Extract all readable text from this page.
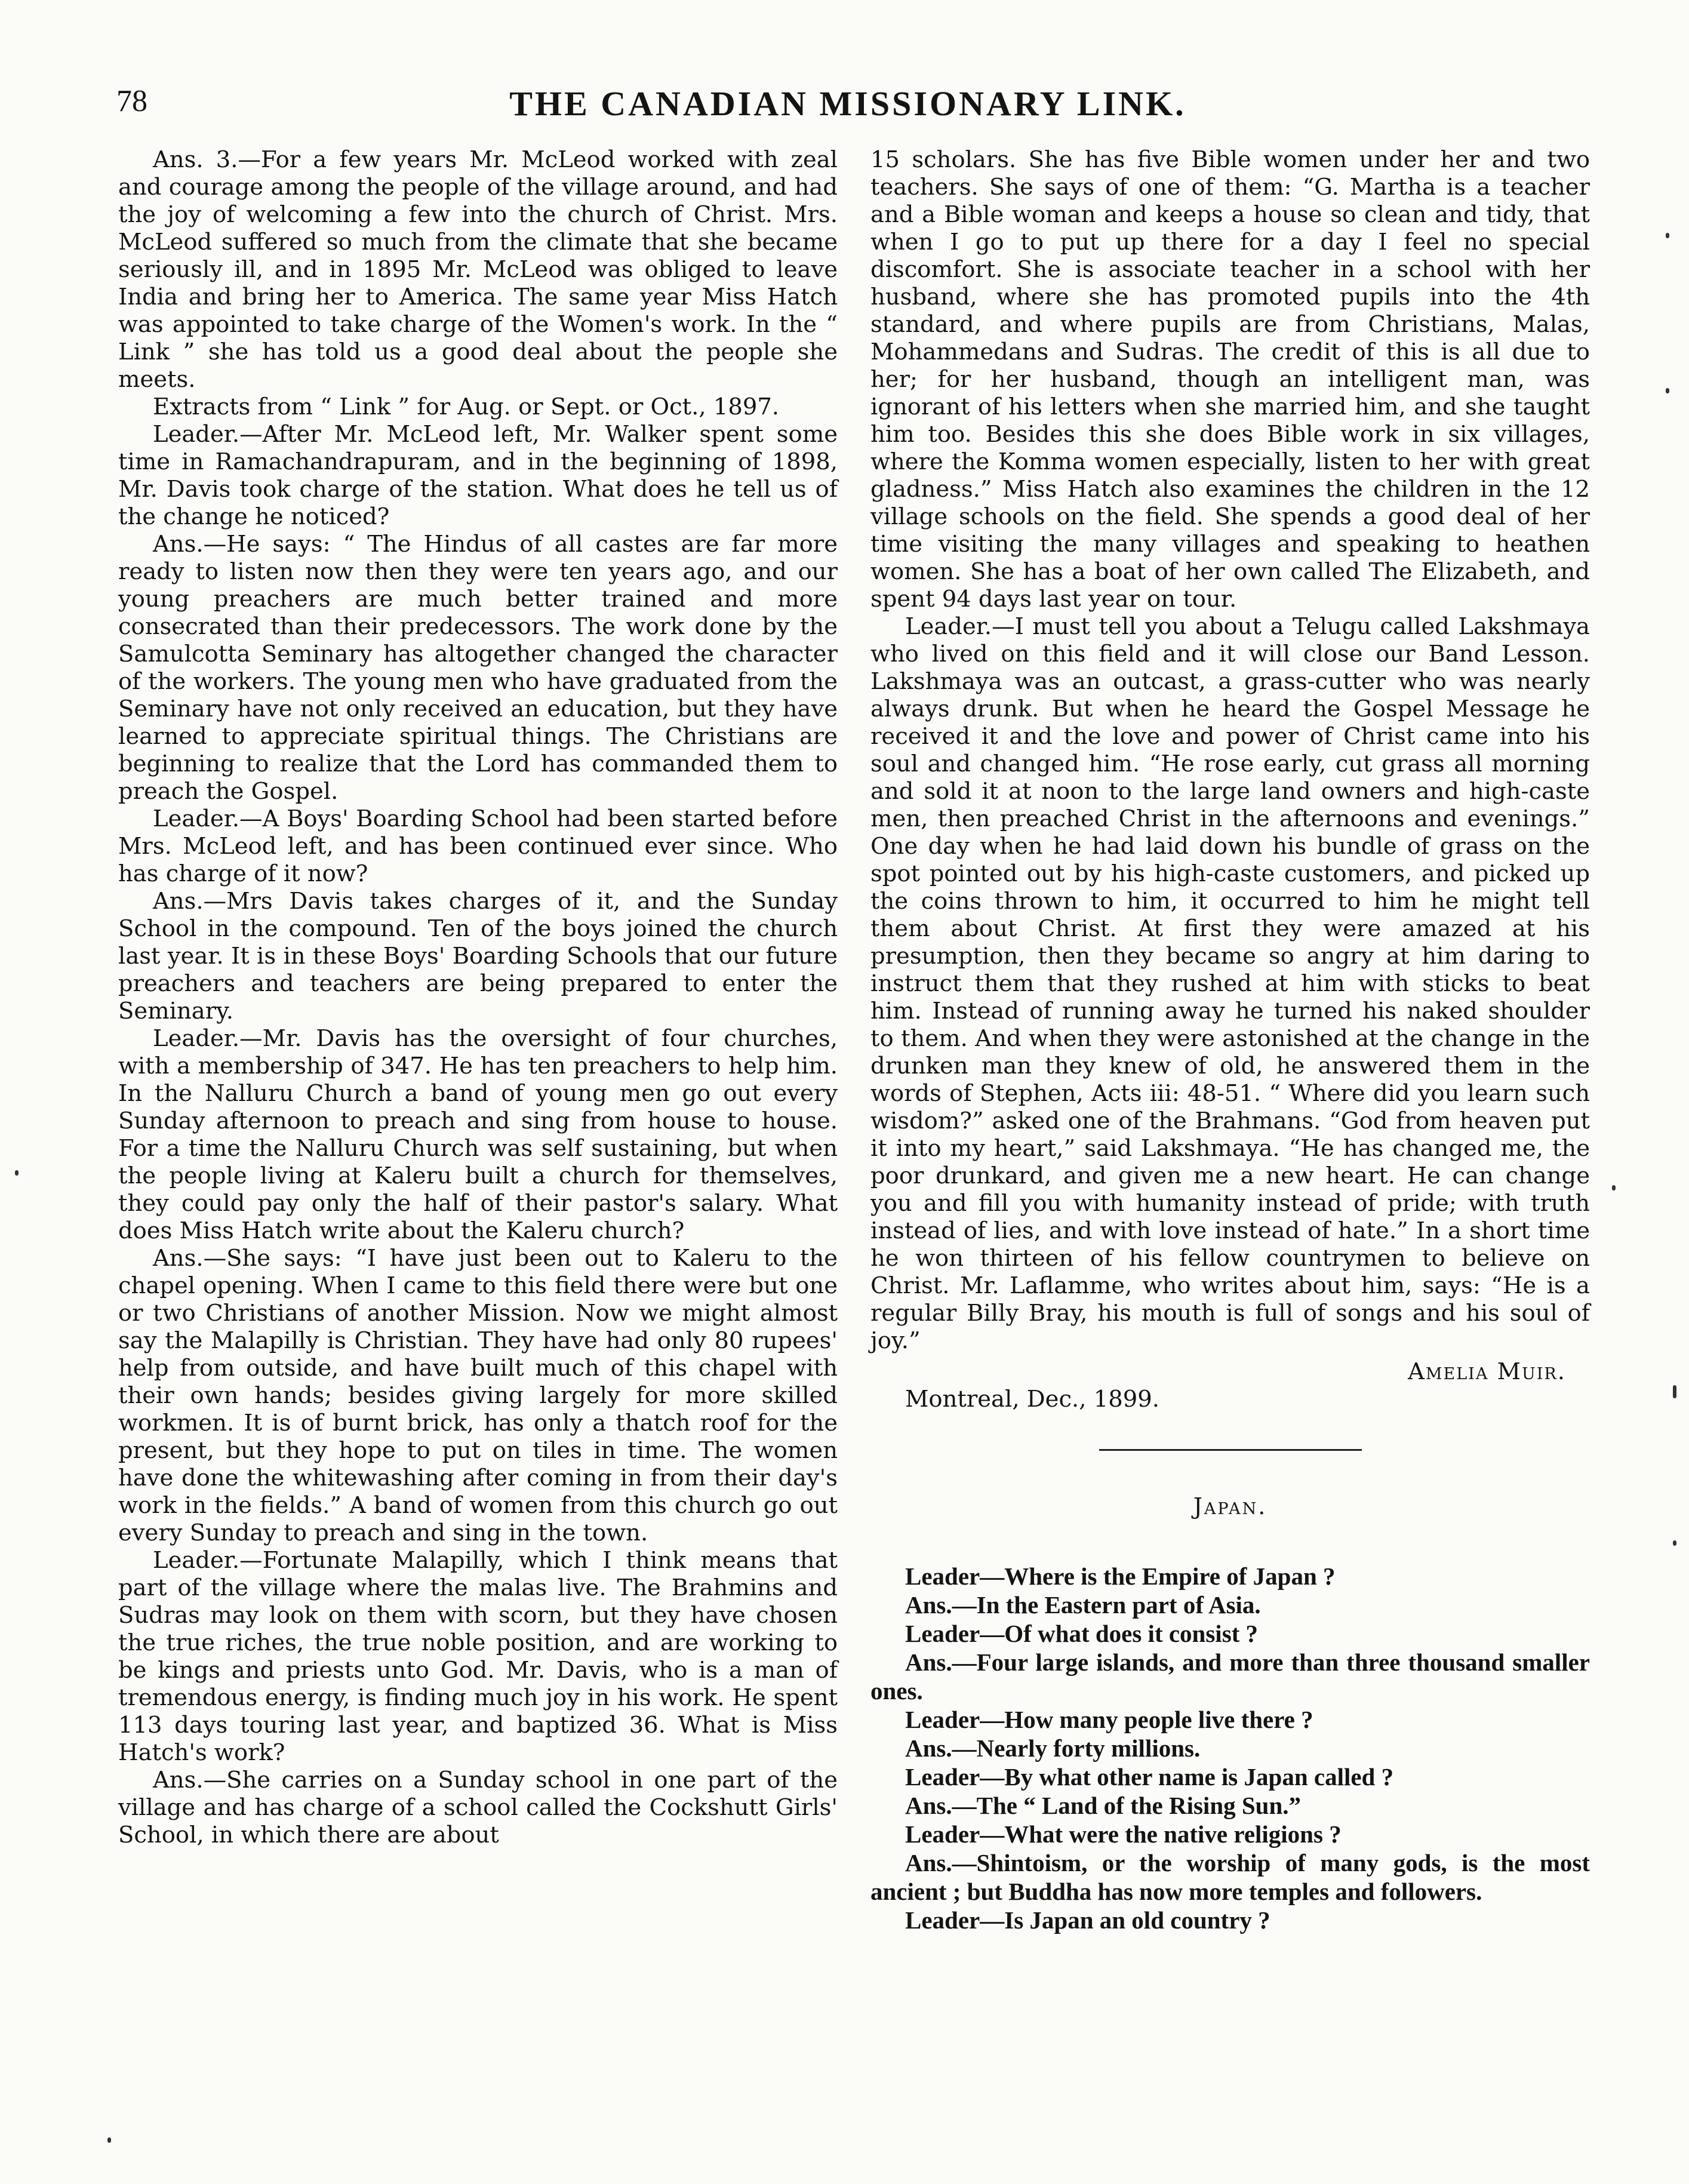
78	THE CANADIAN MISSIONARY LINK.

Ans. 3.—For a few years Mr. McLeod worked with zeal and courage among the people of the village around, and had the joy of welcoming a few into the church of Christ. Mrs. McLeod suffered so much from the climate that she became seriously ill, and in 1895 Mr. McLeod was obliged to leave India and bring her to America. The same year Miss Hatch was appointed to take charge of the Women's work. In the “ Link ” she has told us a good deal about the people she meets.

Extracts from “ Link ” for Aug. or Sept. or Oct., 1897.

Leader.—After Mr. McLeod left, Mr. Walker spent some time in Ramachandrapuram, and in the beginning of 1898, Mr. Davis took charge of the station. What does he tell us of the change he noticed?

Ans.—He says: “ The Hindus of all castes are far more ready to listen now then they were ten years ago, and our young preachers are much better trained and more consecrated than their predecessors. The work done by the Samulcotta Seminary has altogether changed the character of the workers. The young men who have graduated from the Seminary have not only received an education, but they have learned to appreciate spiritual things. The Christians are beginning to realize that the Lord has commanded them to preach the Gospel.

Leader.—A Boys' Boarding School had been started before Mrs. McLeod left, and has been continued ever since. Who has charge of it now?

Ans.—Mrs Davis takes charges of it, and the Sunday School in the compound. Ten of the boys joined the church last year. It is in these Boys' Boarding Schools that our future preachers and teachers are being prepared to enter the Seminary.

Leader.—Mr. Davis has the oversight of four churches, with a membership of 347. He has ten preachers to help him. In the Nalluru Church a band of young men go out every Sunday afternoon to preach and sing from house to house. For a time the Nalluru Church was self sustaining, but when the people living at Kaleru built a church for themselves, they could pay only the half of their pastor's salary. What does Miss Hatch write about the Kaleru church?

Ans.—She says: “I have just been out to Kaleru to the chapel opening. When I came to this field there were but one or two Christians of another Mission. Now we might almost say the Malapilly is Christian. They have had only 80 rupees' help from outside, and have built much of this chapel with their own hands; besides giving largely for more skilled workmen. It is of burnt brick, has only a thatch roof for the present, but they hope to put on tiles in time. The women have done the whitewashing after coming in from their day's work in the fields.” A band of women from this church go out every Sunday to preach and sing in the town.

Leader.—Fortunate Malapilly, which I think means that part of the village where the malas live. The Brahmins and Sudras may look on them with scorn, but they have chosen the true riches, the true noble position, and are working to be kings and priests unto God. Mr. Davis, who is a man of tremendous energy, is finding much joy in his work. He spent 113 days touring last year, and baptized 36. What is Miss Hatch's work?

Ans.—She carries on a Sunday school in one part of the village and has charge of a school called the Cockshutt Girls' School, in which there are about

15 scholars. She has five Bible women under her and two teachers. She says of one of them: “G. Martha is a teacher and a Bible woman and keeps a house so clean and tidy, that when I go to put up there for a day I feel no special discomfort. She is associate teacher in a school with her husband, where she has promoted pupils into the 4th standard, and where pupils are from Christians, Malas, Mohammedans and Sudras. The credit of this is all due to her; for her husband, though an intelligent man, was ignorant of his letters when she married him, and she taught him too. Besides this she does Bible work in six villages, where the Komma women especially, listen to her with great gladness.” Miss Hatch also examines the children in the 12 village schools on the field. She spends a good deal of her time visiting the many villages and speaking to heathen women. She has a boat of her own called The Elizabeth, and spent 94 days last year on tour.

Leader.—I must tell you about a Telugu called Lakshmaya who lived on this field and it will close our Band Lesson. Lakshmaya was an outcast, a grass-cutter who was nearly always drunk. But when he heard the Gospel Message he received it and the love and power of Christ came into his soul and changed him. “He rose early, cut grass all morning and sold it at noon to the large land owners and high-caste men, then preached Christ in the afternoons and evenings.” One day when he had laid down his bundle of grass on the spot pointed out by his high-caste customers, and picked up the coins thrown to him, it occurred to him he might tell them about Christ. At first they were amazed at his presumption, then they became so angry at him daring to instruct them that they rushed at him with sticks to beat him. Instead of running away he turned his naked shoulder to them. And when they were astonished at the change in the drunken man they knew of old, he answered them in the words of Stephen, Acts iii: 48-51. “ Where did you learn such wisdom?” asked one of the Brahmans. “God from heaven put it into my heart,” said Lakshmaya. “He has changed me, the poor drunkard, and given me a new heart. He can change you and fill you with humanity instead of pride; with truth instead of lies, and with love instead of hate.” In a short time he won thirteen of his fellow countrymen to believe on Christ. Mr. Laflamme, who writes about him, says: “He is a regular Billy Bray, his mouth is full of songs and his soul of joy.”

Amelia Muir.

Montreal, Dec., 1899.

Japan.

Leader—Where is the Empire of Japan ?

Ans.—In the Eastern part of Asia.

Leader—Of what does it consist ?

Ans.—Four large islands, and more than three thousand smaller ones.

Leader—How many people live there ?

Ans.—Nearly forty millions.

Leader—By what other name is Japan called ?

Ans.—The “ Land of the Rising Sun.”

Leader—What were the native religions ?

Ans.—Shintoism, or the worship of many gods, is the most ancient ; but Buddha has now more temples and followers.

Leader—Is Japan an old country ?
